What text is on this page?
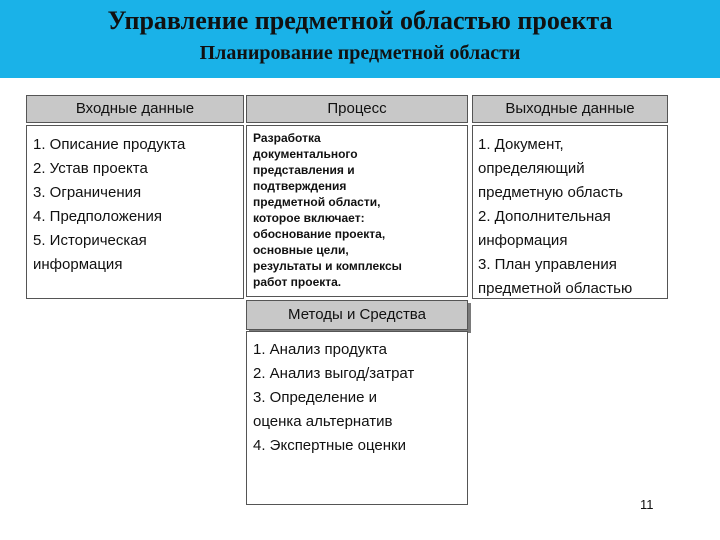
Управление предметной областью проекта
Планирование предметной области
Входные данные
1. Описание продукта
2. Устав проекта
3. Ограничения
4. Предположения
5. Историческая
информация
Процесс
Разработка
документального
представления и
подтверждения
предметной области,
которое включает:
обоснование проекта,
основные цели,
результаты и комплексы
работ проекта.
Выходные данные
1. Документ,
определяющий
предметную область
2. Дополнительная
информация
3. План управления
предметной областью
Методы и Средства
1. Анализ продукта
2. Анализ выгод/затрат
3. Определение и
оценка альтернатив
4. Экспертные оценки
11
